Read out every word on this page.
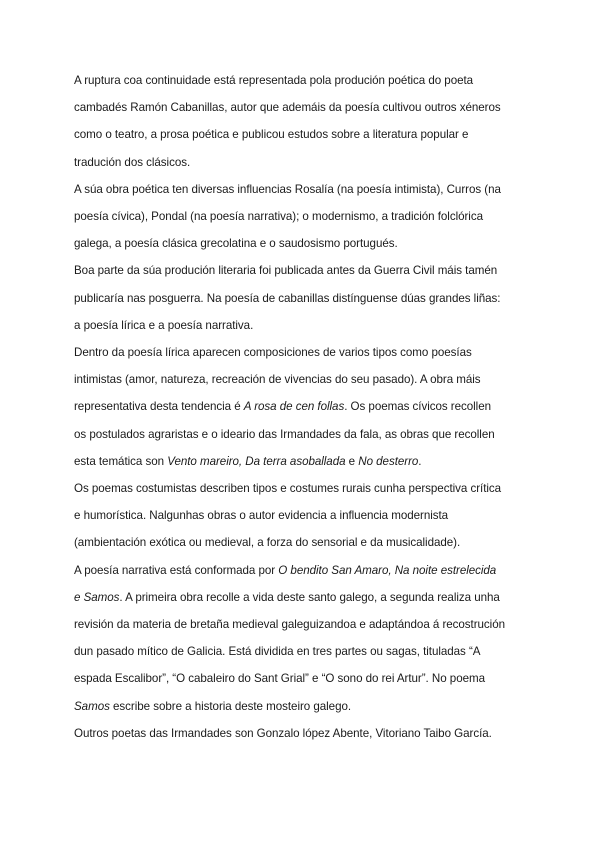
A ruptura coa continuidade está representada pola produción poética do poeta
cambadés Ramón Cabanillas, autor que ademáis da poesía cultivou outros xéneros
como o teatro, a prosa poética e publicou estudos sobre a literatura popular e
tradución dos clásicos.
A súa obra poética ten diversas influencias Rosalía (na poesía intimista), Curros (na
poesía cívica), Pondal (na poesía narrativa); o modernismo, a tradición folclórica
galega, a poesía clásica grecolatina e o saudosismo portugués.
Boa parte da súa produción literaria foi publicada antes da Guerra Civil máis tamén
publicaría nas posguerra. Na poesía de cabanillas distínguense dúas grandes liñas:
a poesía lírica e a poesía narrativa.
Dentro da poesía lírica aparecen composiciones de varios tipos como poesías
intimistas (amor, natureza, recreación de vivencias do seu pasado). A obra máis
representativa desta tendencia é A rosa de cen follas. Os poemas cívicos recollen
os postulados agraristas e o ideario das Irmandades da fala, as obras que recollen
esta temática son Vento mareiro, Da terra asoballada e No desterro.
Os poemas costumistas describen tipos e costumes rurais cunha perspectiva crítica
e humorística. Nalgunhas obras o autor evidencia a influencia modernista
(ambientación exótica ou medieval, a forza do sensorial e da musicalidade).
A poesía narrativa está conformada por O bendito San Amaro, Na noite estrelecida
e Samos. A primeira obra recolle a vida deste santo galego, a segunda realiza unha
revisión da materia de bretaña medieval galeguizandoa e adaptándoa á recostrución
dun pasado mítico de Galicia. Está dividida en tres partes ou sagas, tituladas “A
espada Escalibor”, “O cabaleiro do Sant Grial” e “O sono do rei Artur”. No poema
Samos escribe sobre a historia deste mosteiro galego.
Outros poetas das Irmandades son Gonzalo lópez Abente, Vitoriano Taibo García.
